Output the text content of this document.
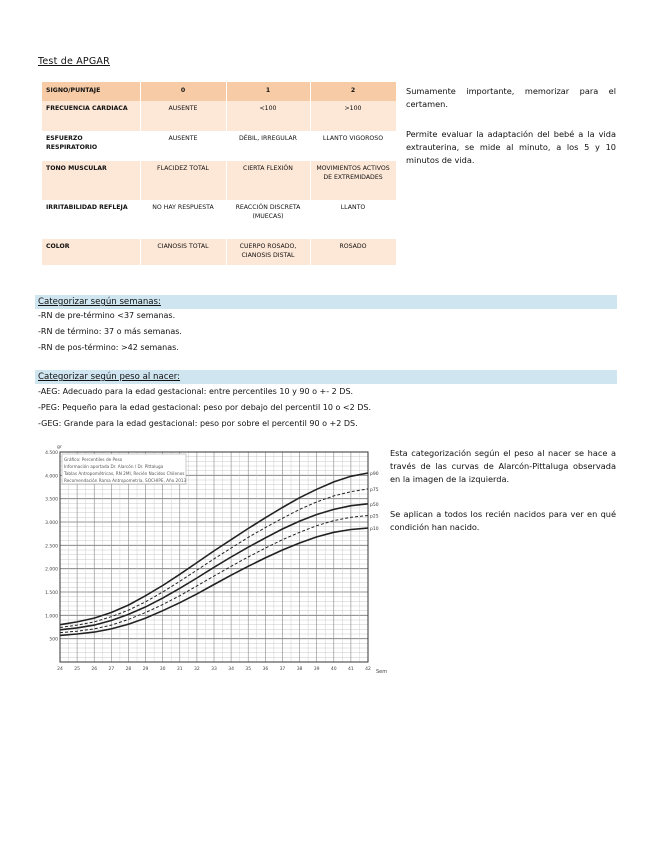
Test de APGAR
SIGNO/PUNTAJE	0	1	2
FRECUENCIA CARDIACA	AUSENTE	<100	>100
ESFUERZO RESPIRATORIO	AUSENTE	DÉBIL, IRREGULAR	LLANTO VIGOROSO
TONO MUSCULAR	FLACIDEZ TOTAL	CIERTA FLEXIÓN	MOVIMIENTOS ACTIVOS DE EXTREMIDADES
IRRITABILIDAD REFLEJA	NO HAY RESPUESTA	REACCIÓN DISCRETA (MUECAS)	LLANTO
COLOR	CIANOSIS TOTAL	CUERPO ROSADO, CIANOSIS DISTAL	ROSADO
Sumamente importante, memorizar para el certamen.
Permite evaluar la adaptación del bebé a la vida extrauterina, se mide al minuto, a los 5 y 10 minutos de vida.
Categorizar según semanas:
-RN de pre-término <37 semanas.
-RN de término: 37 o más semanas.
-RN de pos-término: >42 semanas.
Categorizar según peso al nacer:
-AEG: Adecuado para la edad gestacional: entre percentiles 10 y 90 o +- 2 DS.
-PEG: Pequeño para la edad gestacional: peso por debajo del percentil 10 o <2 DS.
-GEG: Grande para la edad gestacional: peso por sobre el percentil 90 o +2 DS.
Gráfico: Percentiles de Peso
Información aportada Dr. Alarcón / Dr. Pittaluga
Tablas Antropométricas, RN 2MI, Recién Nacidos Chilenos
Recomendación Rama Antropometría, SOCHIPE, Año 2013
500
1.000
1.500
2.000
2.500
3.000
3.500
4.000
4.500
gr
24	25	26	27	28	29	30	31	32	33	34	35	36	37	38	39	40	41	42 Sem
p90
p75
p50
p25
p10
Esta categorización según el peso al nacer se hace a través de las curvas de Alarcón-Pittaluga observada en la imagen de la izquierda.
Se aplican a todos los recién nacidos para ver en qué condición han nacido.
